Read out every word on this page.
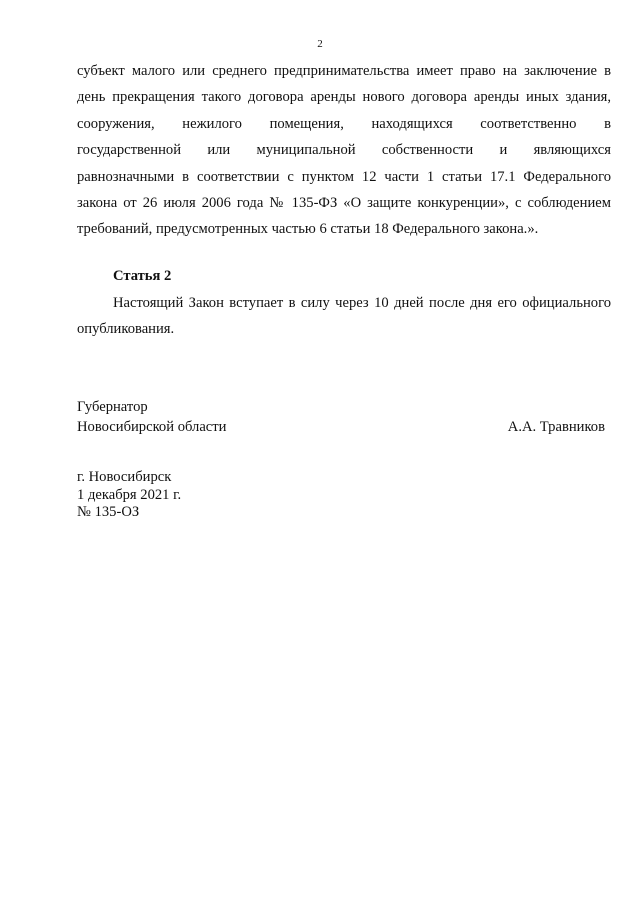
2
субъект малого или среднего предпринимательства имеет право на заключение в
день прекращения такого договора аренды нового договора аренды иных здания,
сооружения, нежилого помещения, находящихся соответственно в
государственной или муниципальной собственности и являющихся
равнозначными в соответствии с пунктом 12 части 1 статьи 17.1 Федерального
закона от 26 июля 2006 года № 135-ФЗ «О защите конкуренции», с соблюдением
требований, предусмотренных частью 6 статьи 18 Федерального закона.».
Статья 2
Настоящий Закон вступает в силу через 10 дней после дня его официального
опубликования.
Губернатор
Новосибирской области	А.А. Травников
г. Новосибирск
1 декабря 2021 г.
№ 135-ОЗ
